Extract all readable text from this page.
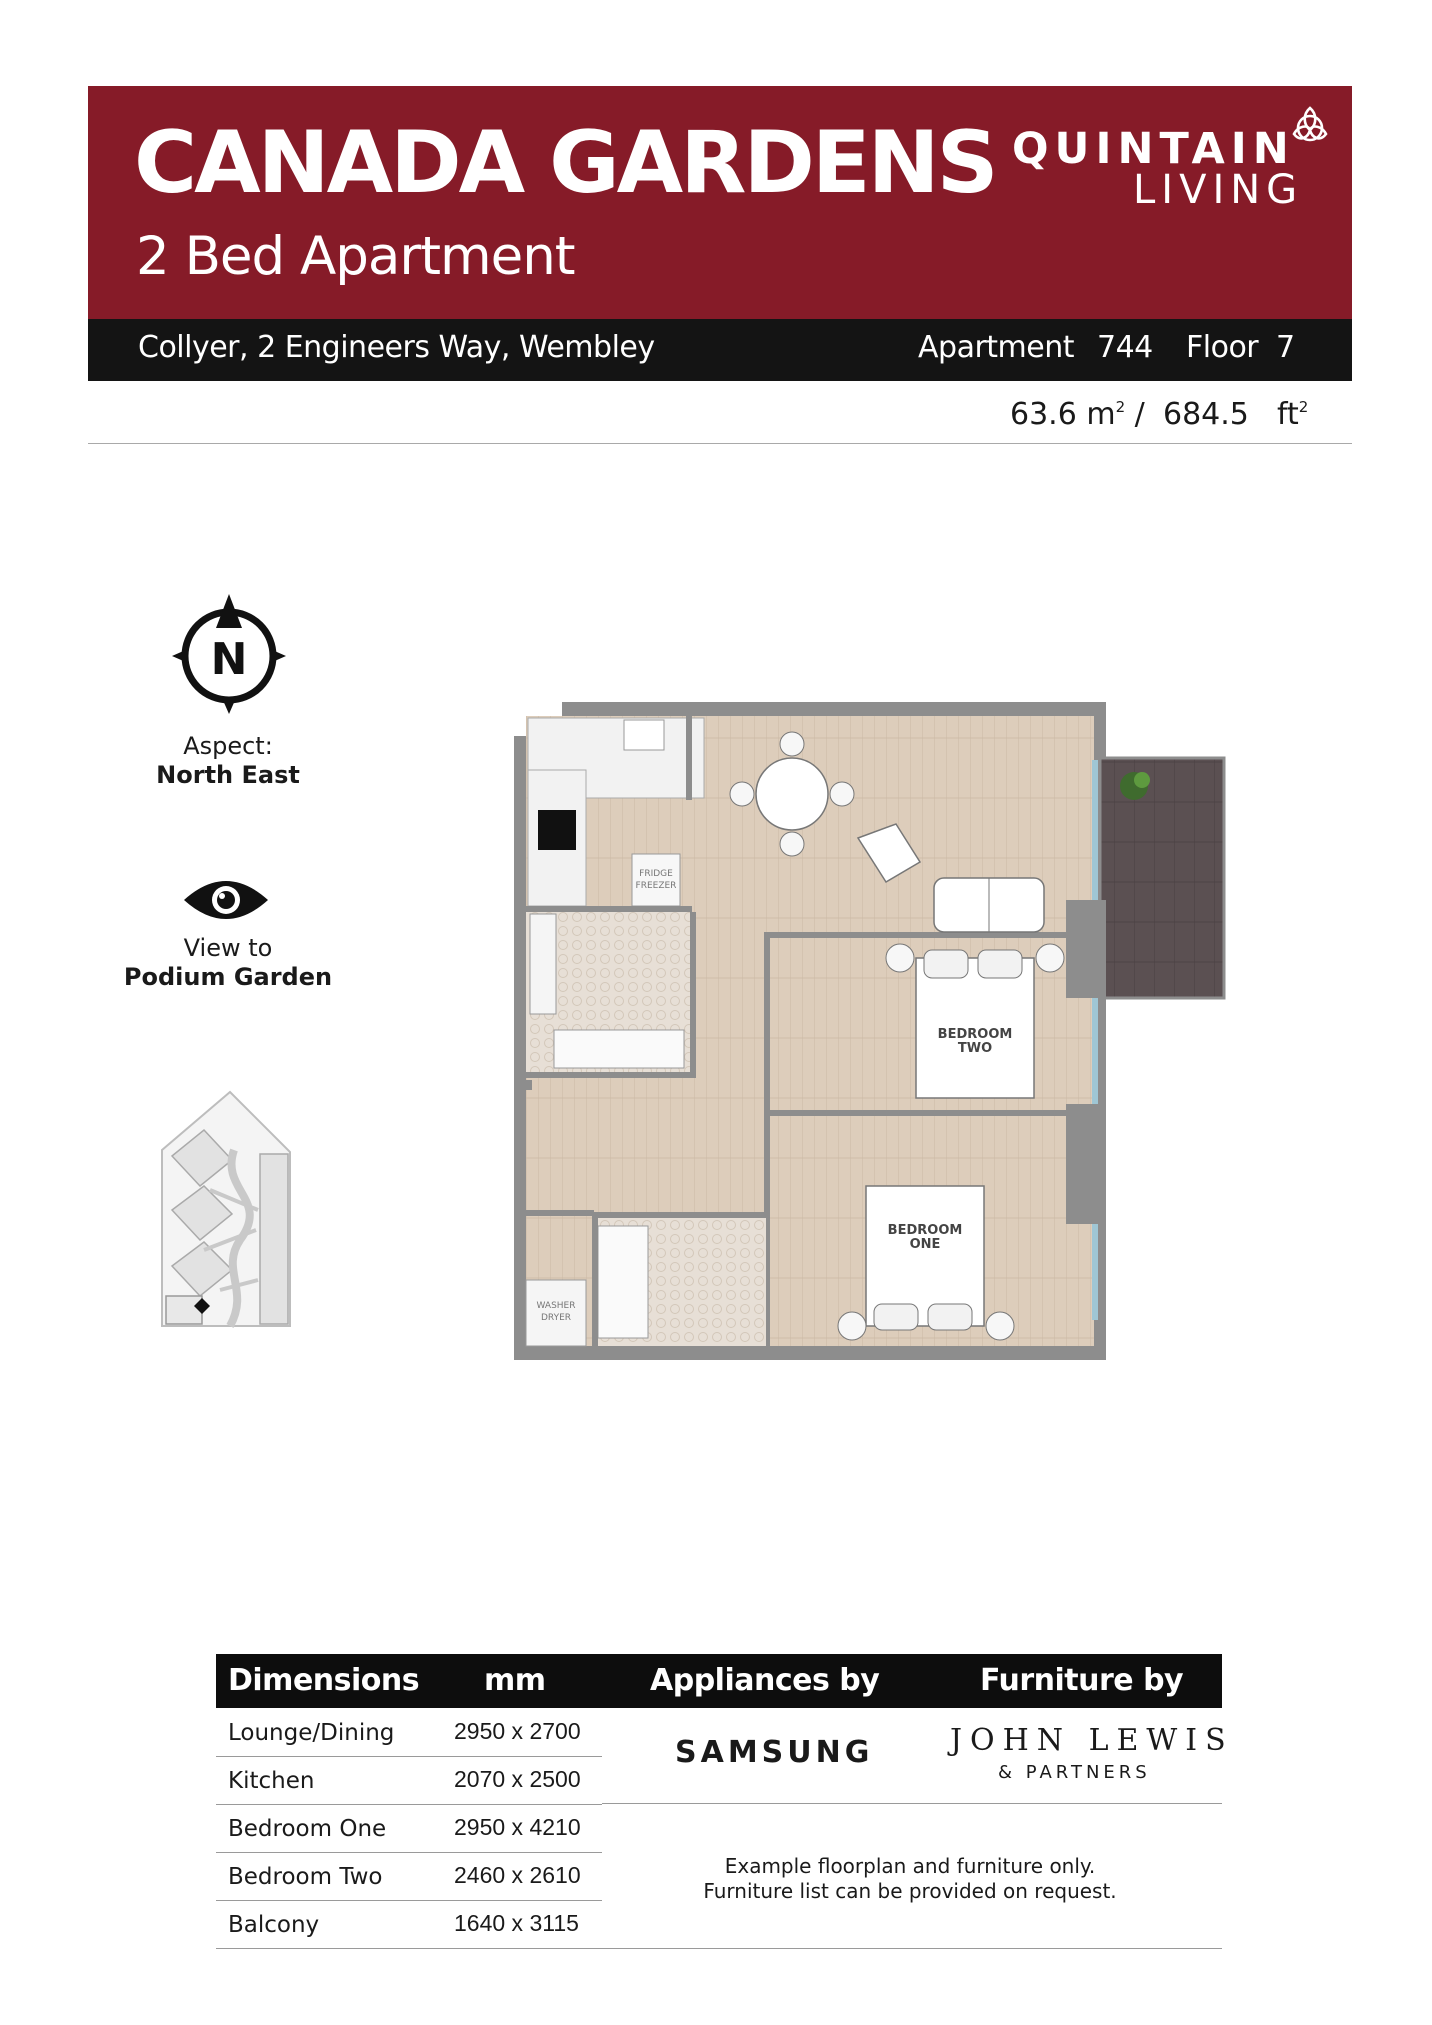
CANADA GARDENS
2 Bed Apartment
QUINTAIN
LIVING
Collyer, 2 Engineers Way, Wembley	Apartment 744 Floor 7
63.6 $m^2 / 684.5$ $ft^2$
N
Aspect:
North East
View to
Podium Garden
FRIDGE
FREEZER
BEDROOM
TWO
BEDROOM
ONE
WASHER
DRYER
Dimensions mm	Appliances by	Furniture by
Lounge/Dining	2950 x 2700
Kitchen	2070 x 2500
Bedroom One	2950 x 4210
Bedroom Two	2460 x 2610
Balcony	1640 x 3115
SAMSUNG	JOHN LEWIS
& PARTNERS
Example floorplan and furniture only.
Furniture list can be provided on request.
